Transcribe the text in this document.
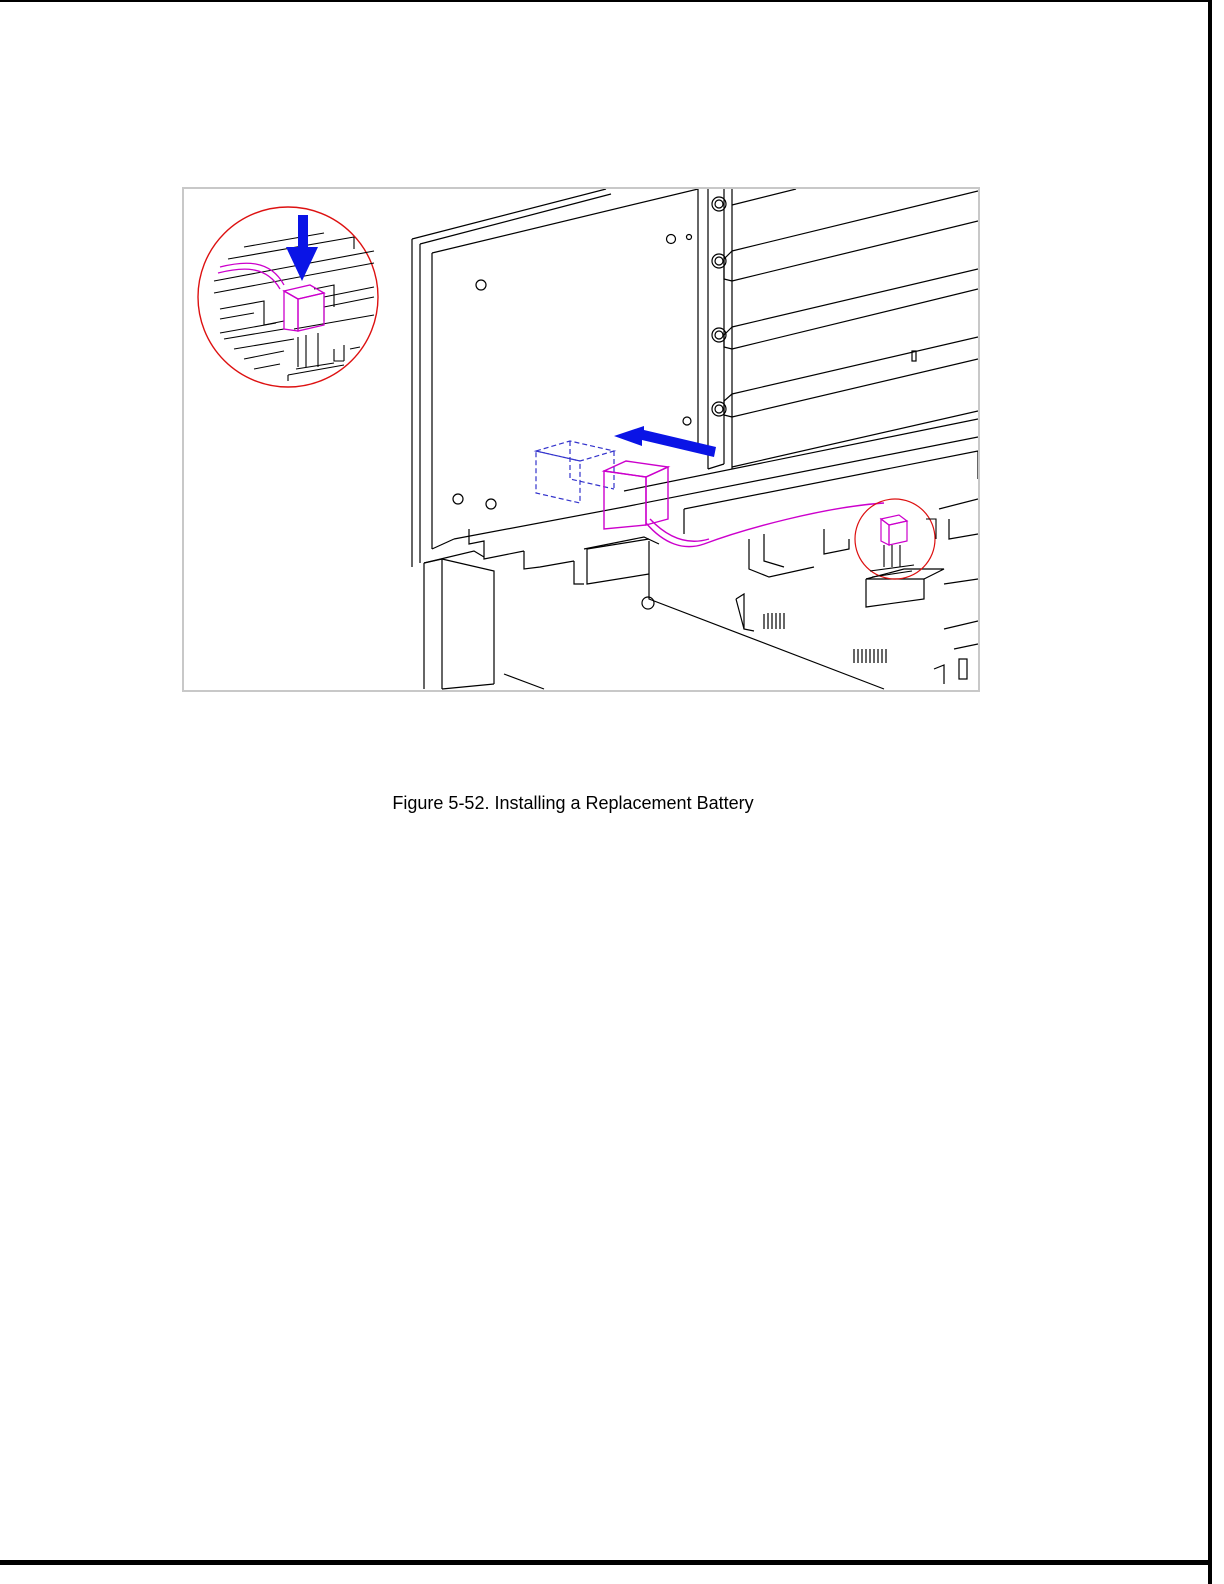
Figure 5-52. Installing a Replacement Battery
